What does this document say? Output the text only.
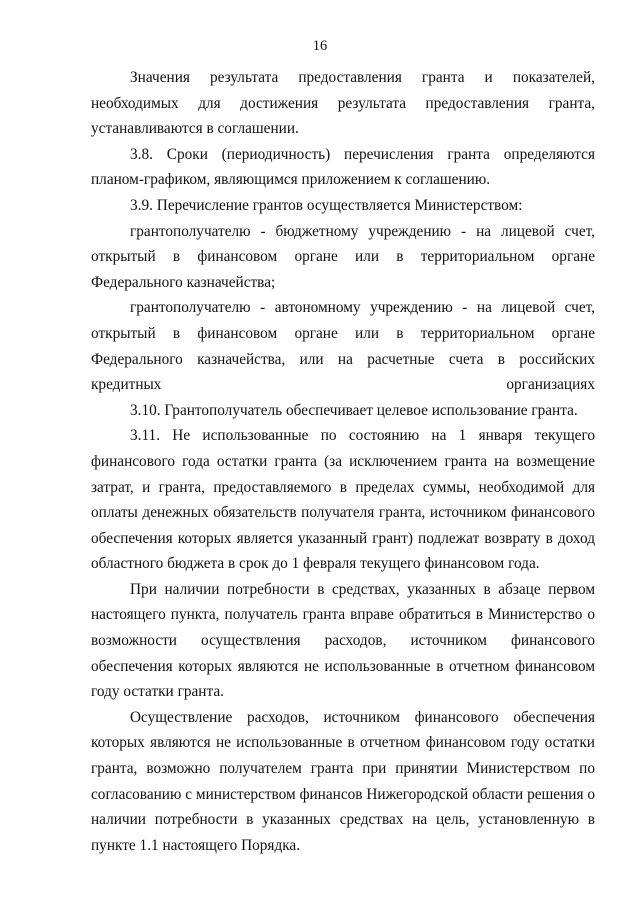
16

Значения результата предоставления гранта и показателей, необходимых для достижения результата предоставления гранта, устанавливаются в соглашении.

3.8. Сроки (периодичность) перечисления гранта определяются планом-графиком, являющимся приложением к соглашению.

3.9. Перечисление грантов осуществляется Министерством:

грантополучателю - бюджетному учреждению - на лицевой счет, открытый в финансовом органе или в территориальном органе Федерального казначейства;

грантополучателю - автономному учреждению - на лицевой счет, открытый в финансовом органе или в территориальном органе Федерального казначейства, или на расчетные счета в российских кредитных организациях

3.10. Грантополучатель обеспечивает целевое использование гранта.

3.11. Не использованные по состоянию на 1 января текущего финансового года остатки гранта (за исключением гранта на возмещение затрат, и гранта, предоставляемого в пределах суммы, необходимой для оплаты денежных обязательств получателя гранта, источником финансового обеспечения которых является указанный грант) подлежат возврату в доход областного бюджета в срок до 1 февраля текущего финансовом года.

При наличии потребности в средствах, указанных в абзаце первом настоящего пункта, получатель гранта вправе обратиться в Министерство о возможности осуществления расходов, источником финансового обеспечения которых являются не использованные в отчетном финансовом году остатки гранта.

Осуществление расходов, источником финансового обеспечения которых являются не использованные в отчетном финансовом году остатки гранта, возможно получателем гранта при принятии Министерством по согласованию с министерством финансов Нижегородской области решения о наличии потребности в указанных средствах на цель, установленную в пункте 1.1 настоящего Порядка.
